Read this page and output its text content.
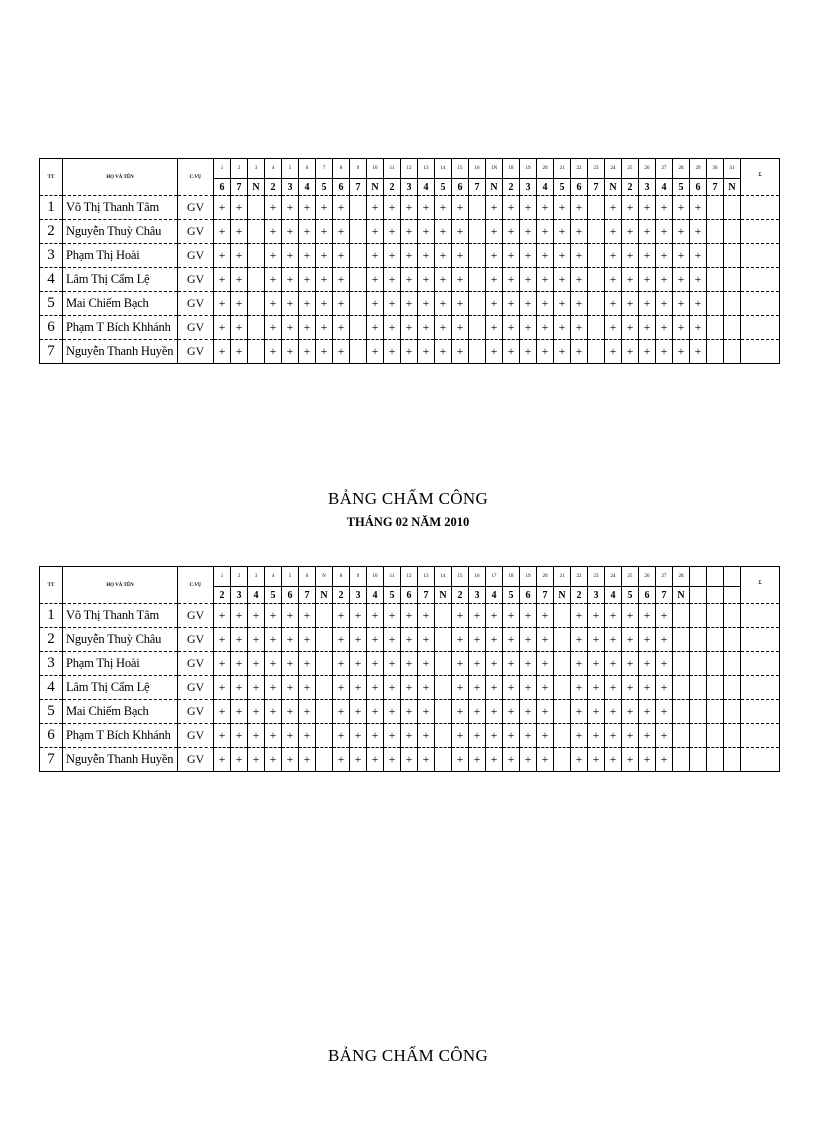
TT	HỌ VÀ TÊN	C.VỤ	1	2	3	4	5	6	7	8	9	10	11	12	13	14	15	16	1N	18	19	20	21	22	23	24	25	26	27	28	29	30	31	Σ
			6	7	N	2	3	4	5	6	7	N	2	3	4	5	6	7	N	2	3	4	5	6	7	N	2	3	4	5	6	7	N	
1	Võ Thị Thanh Tâm	GV	+	+		+	+	+	+	+		+	+	+	+	+	+		+	+	+	+	+	+		+	+	+	+	+	+			
2	Nguyễn Thuỳ Châu	GV	+	+		+	+	+	+	+		+	+	+	+	+	+		+	+	+	+	+	+		+	+	+	+	+	+			
3	Phạm Thị Hoài	GV	+	+		+	+	+	+	+		+	+	+	+	+	+		+	+	+	+	+	+		+	+	+	+	+	+			
4	Lâm Thị Cẩm Lệ	GV	+	+		+	+	+	+	+		+	+	+	+	+	+		+	+	+	+	+	+		+	+	+	+	+	+			
5	Mai Chiếm Bạch	GV	+	+		+	+	+	+	+		+	+	+	+	+	+		+	+	+	+	+	+		+	+	+	+	+	+			
6	Phạm T Bích Khhánh	GV	+	+		+	+	+	+	+		+	+	+	+	+	+		+	+	+	+	+	+		+	+	+	+	+	+			
7	Nguyễn Thanh Huyền	GV	+	+		+	+	+	+	+		+	+	+	+	+	+		+	+	+	+	+	+		+	+	+	+	+	+			
BẢNG CHẤM CÔNG
THÁNG 02 NĂM 2010
TT	HỌ VÀ TÊN	C.VỤ	1	2	3	4	5	6	N	8	9	10	11	12	13	14	15	16	17	18	19	20	21	22	23	24	25	26	27	28				Σ
			2	3	4	5	6	7	N	2	3	4	5	6	7	N	2	3	4	5	6	7	N	2	3	4	5	6	7	N				
1	Võ Thị Thanh Tâm	GV	+	+	+	+	+	+		+	+	+	+	+	+		+	+	+	+	+	+		+	+	+	+	+	+					
2	Nguyễn Thuỳ Châu	GV	+	+	+	+	+	+		+	+	+	+	+	+		+	+	+	+	+	+		+	+	+	+	+	+					
3	Phạm Thị Hoài	GV	+	+	+	+	+	+		+	+	+	+	+	+		+	+	+	+	+	+		+	+	+	+	+	+					
4	Lâm Thị Cẩm Lệ	GV	+	+	+	+	+	+		+	+	+	+	+	+		+	+	+	+	+	+		+	+	+	+	+	+					
5	Mai Chiếm Bạch	GV	+	+	+	+	+	+		+	+	+	+	+	+		+	+	+	+	+	+		+	+	+	+	+	+					
6	Phạm T Bích Khhánh	GV	+	+	+	+	+	+		+	+	+	+	+	+		+	+	+	+	+	+		+	+	+	+	+	+					
7	Nguyễn Thanh Huyền	GV	+	+	+	+	+	+		+	+	+	+	+	+		+	+	+	+	+	+		+	+	+	+	+	+					
BẢNG CHẤM CÔNG
